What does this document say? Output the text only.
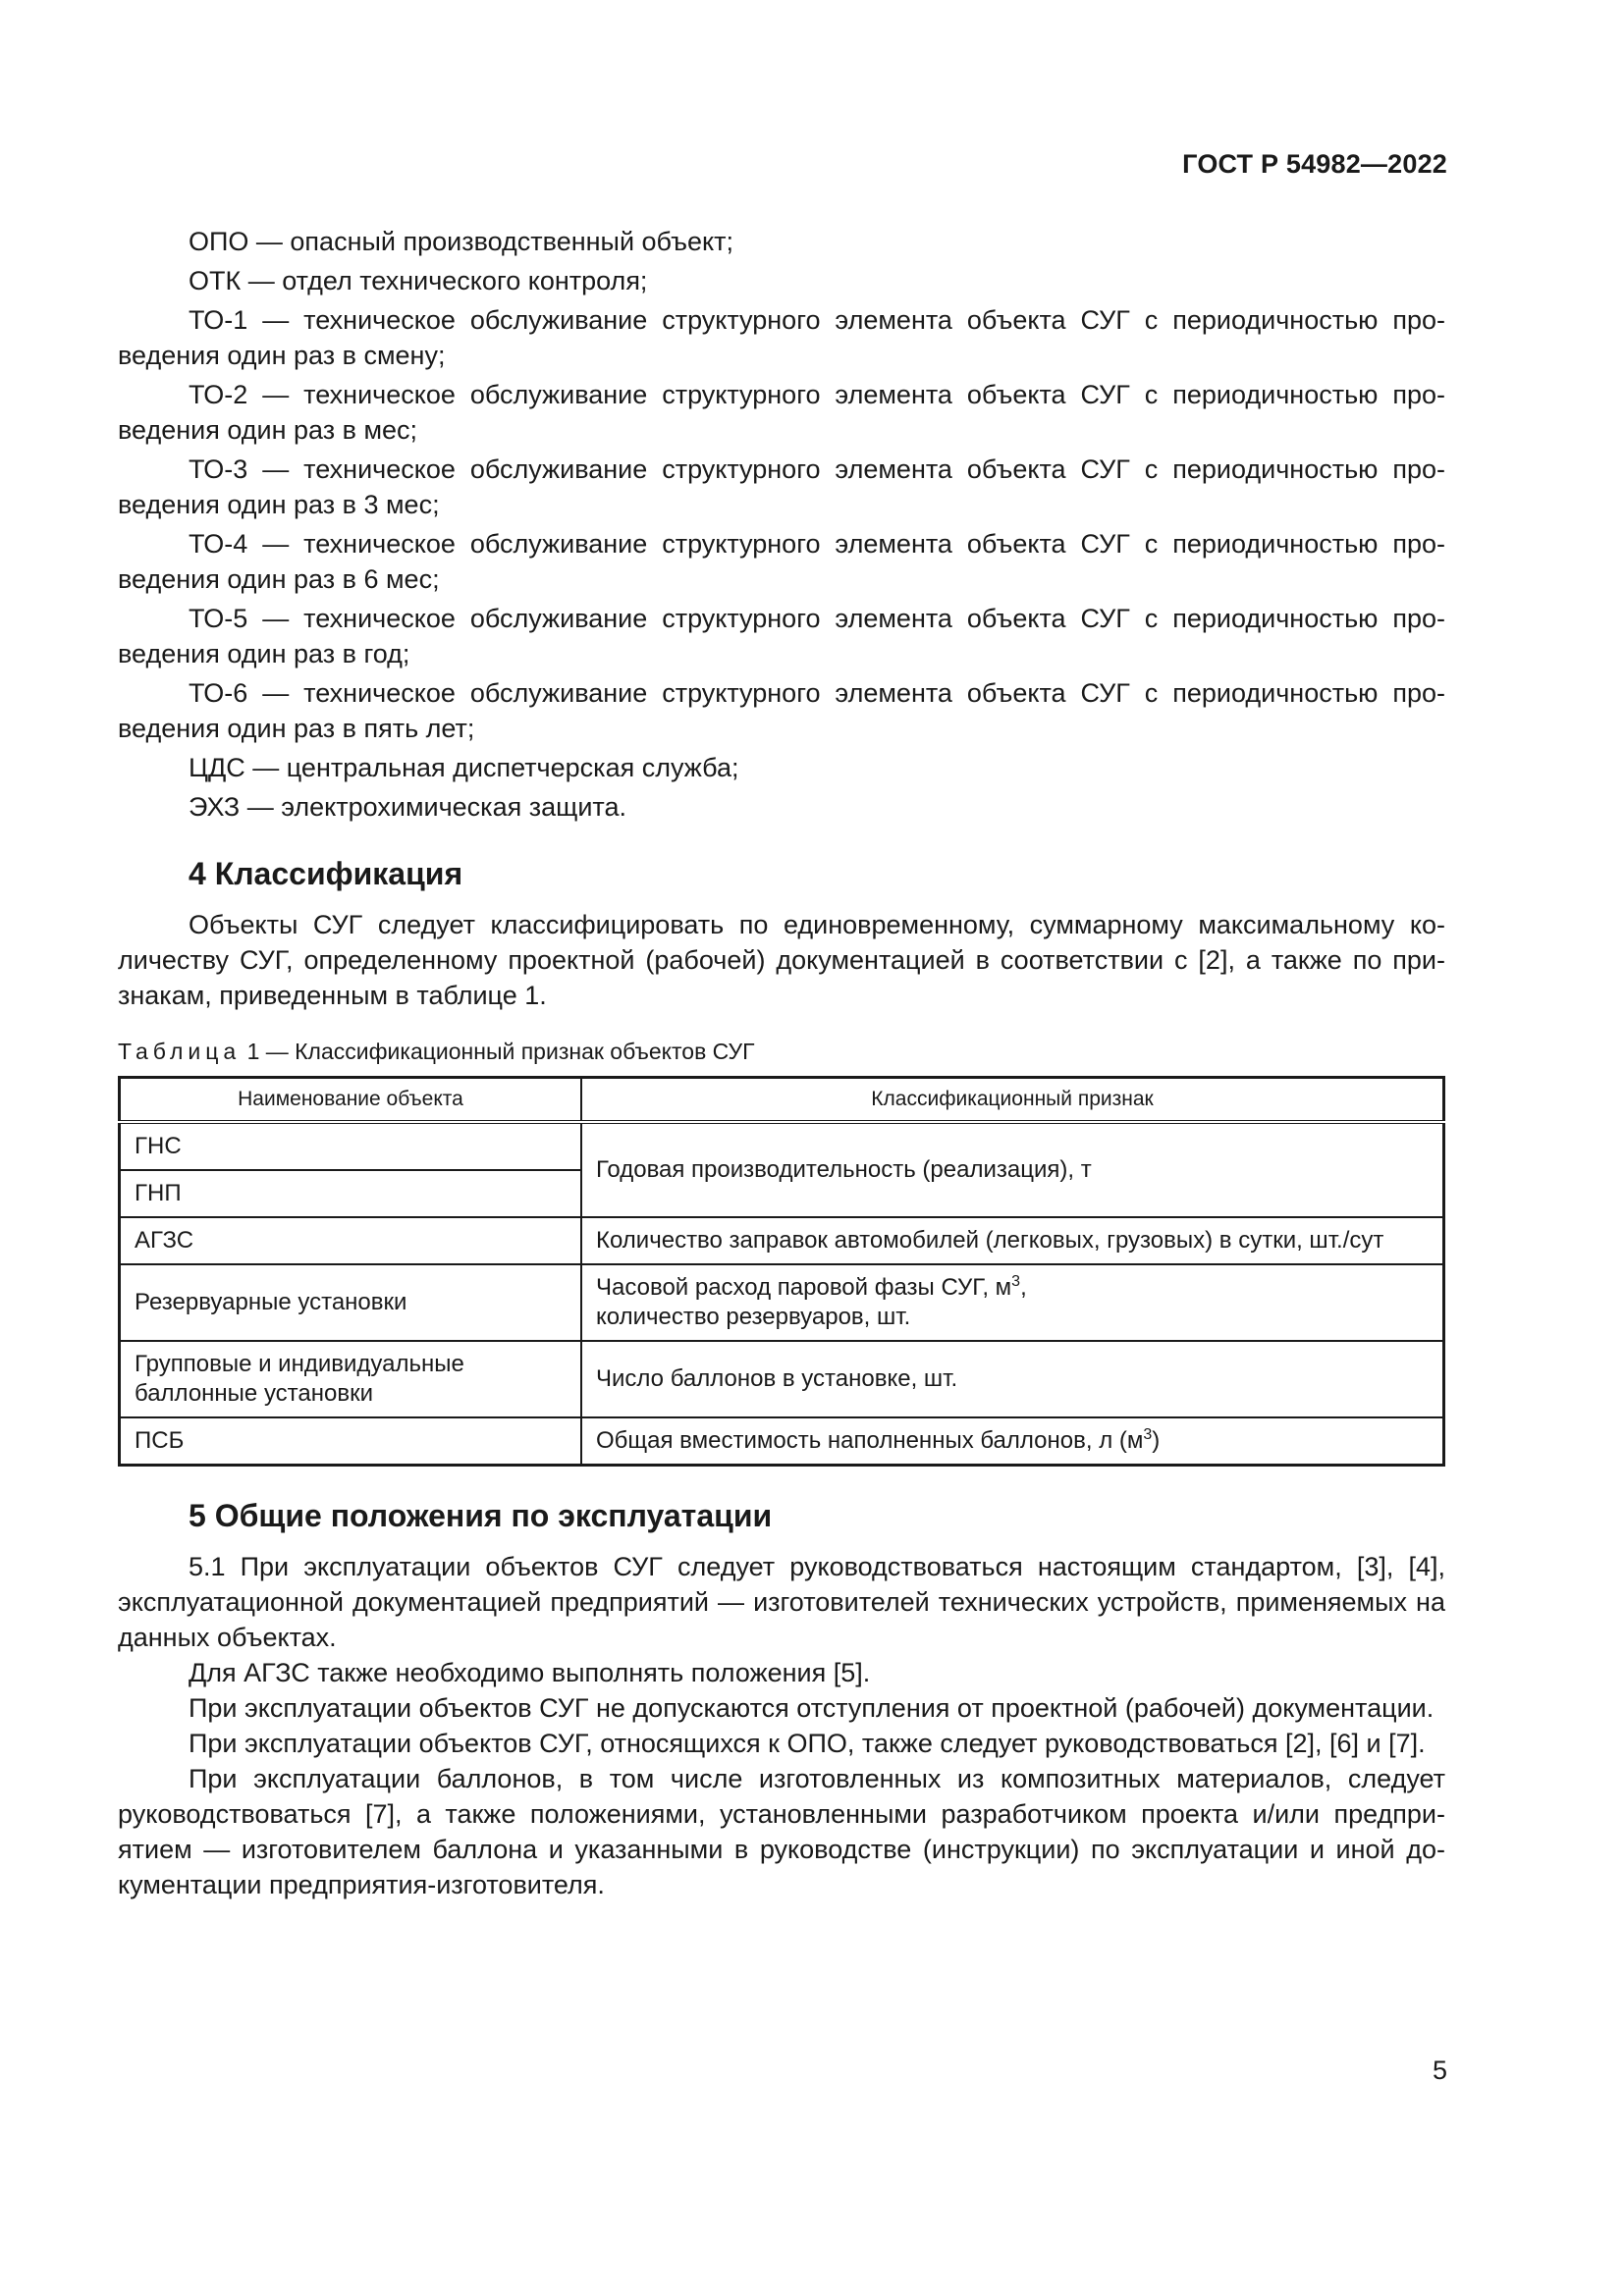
ГОСТ Р 54982—2022

ОПО — опасный производственный объект;

ОТК — отдел технического контроля;

ТО-1 — техническое обслуживание структурного элемента объекта СУГ с периодичностью проведения один раз в смену;

ТО-2 — техническое обслуживание структурного элемента объекта СУГ с периодичностью проведения один раз в мес;

ТО-3 — техническое обслуживание структурного элемента объекта СУГ с периодичностью проведения один раз в 3 мес;

ТО-4 — техническое обслуживание структурного элемента объекта СУГ с периодичностью проведения один раз в 6 мес;

ТО-5 — техническое обслуживание структурного элемента объекта СУГ с периодичностью проведения один раз в год;

ТО-6 — техническое обслуживание структурного элемента объекта СУГ с периодичностью проведения один раз в пять лет;

ЦДС — центральная диспетчерская служба;

ЭХЗ — электрохимическая защита.

4 Классификация

Объекты СУГ следует классифицировать по единовременному, суммарному максимальному количеству СУГ, определенному проектной (рабочей) документацией в соответствии с [2], а также по признакам, приведенным в таблице 1.

Таблица 1 — Классификационный признак объектов СУГ
Наименование объекта	Классификационный признак
ГНС	Годовая производительность (реализация), т
ГНП	
АГЗС	Количество заправок автомобилей (легковых, грузовых) в сутки, шт./сут
Резервуарные установки	Часовой расход паровой фазы СУГ, $м^3$,
количество резервуаров, шт.
Групповые и индивидуальные баллонные установки	Число баллонов в установке, шт.
ПСБ	Общая вместимость наполненных баллонов, л $(м^3)$
5 Общие положения по эксплуатации

5.1 При эксплуатации объектов СУГ следует руководствоваться настоящим стандартом, [3], [4], эксплуатационной документацией предприятий — изготовителей технических устройств, применяемых на данных объектах.

Для АГЗС также необходимо выполнять положения [5].

При эксплуатации объектов СУГ не допускаются отступления от проектной (рабочей) документации.

При эксплуатации объектов СУГ, относящихся к ОПО, также следует руководствоваться [2], [6] и [7].

При эксплуатации баллонов, в том числе изготовленных из композитных материалов, следует руководствоваться [7], а также положениями, установленными разработчиком проекта и/или предприятием — изготовителем баллона и указанными в руководстве (инструкции) по эксплуатации и иной документации предприятия-изготовителя.

5
